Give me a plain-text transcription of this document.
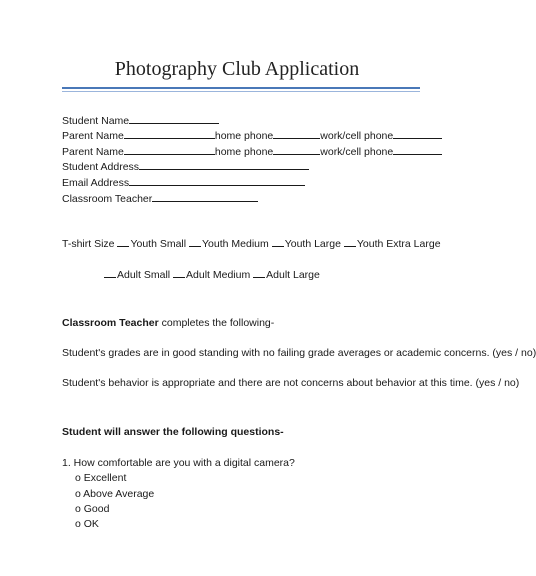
Photography Club Application
Student Name
Parent Name	home phone	work/cell phone
Parent Name	home phone	work/cell phone
Student Address
Email Address
Classroom Teacher
T-shirt Size Youth Small Youth Medium Youth Large Youth Extra Large
Adult Small Adult Medium Adult Large
Classroom Teacher completes the following-
Student's grades are in good standing with no failing grade averages or academic concerns. (yes / no)
Student's behavior is appropriate and there are not concerns about behavior at this time. (yes / no)
Student will answer the following questions-
1. How comfortable are you with a digital camera?
o Excellent
o Above Average
o Good
o OK
